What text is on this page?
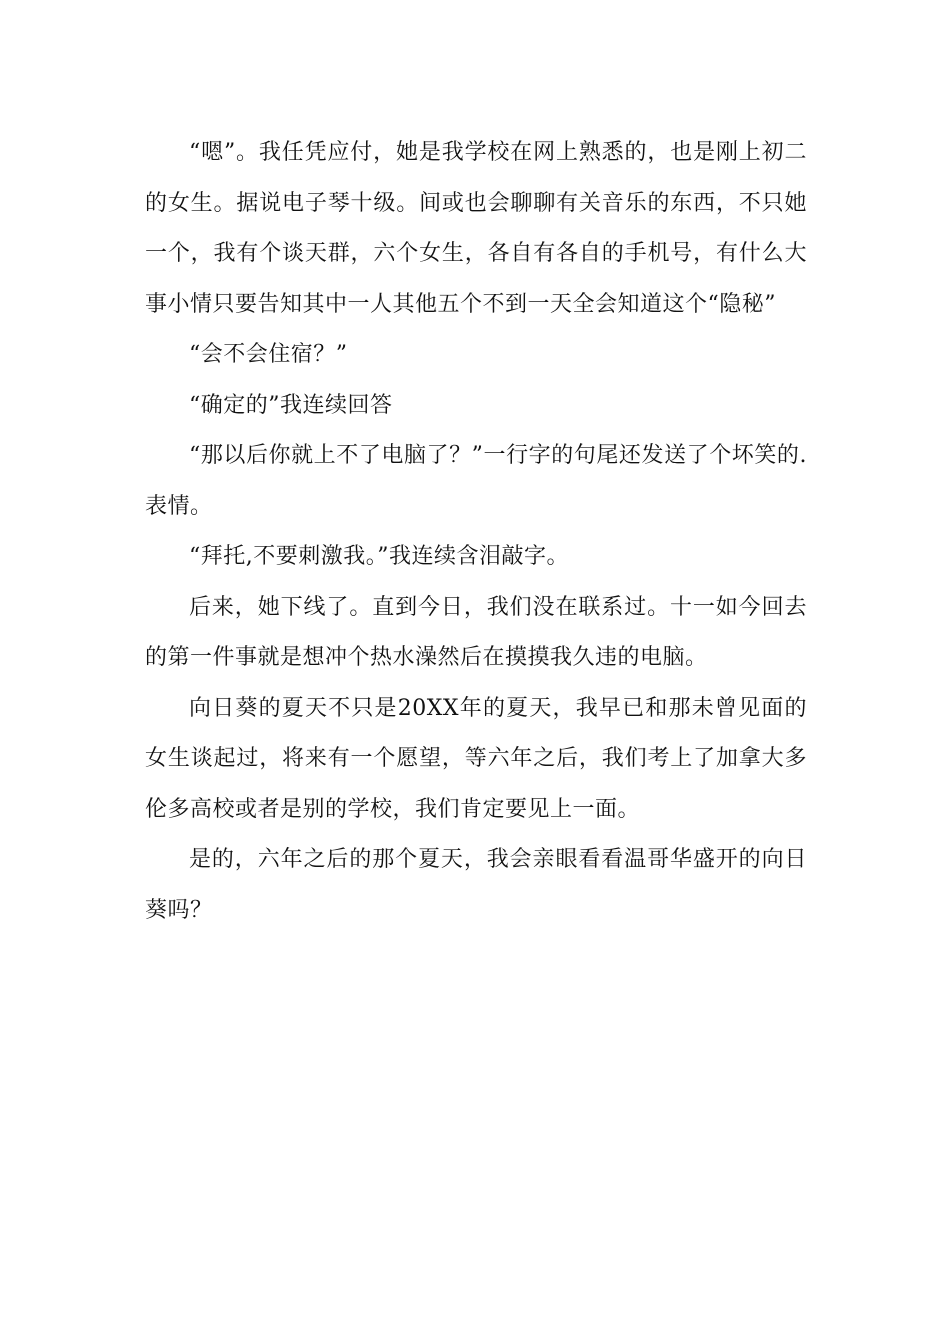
“嗯”。我任凭应付，她是我学校在网上熟悉的，也是刚上初二的女生。据说电子琴十级。间或也会聊聊有关音乐的东西，不只她一个，我有个谈天群，六个女生，各自有各自的手机号，有什么大事小情只要告知其中一人其他五个不到一天全会知道这个“隐秘”

“会不会住宿？”

“确定的”我连续回答

“那以后你就上不了电脑了？”一行字的句尾还发送了个坏笑的.表情。

“拜托,不要刺激我。”我连续含泪敲字。

后来，她下线了。直到今日，我们没在联系过。十一如今回去的第一件事就是想冲个热水澡然后在摸摸我久违的电脑。

向日葵的夏天不只是20XX年的夏天，我早已和那未曾见面的女生谈起过，将来有一个愿望，等六年之后，我们考上了加拿大多伦多高校或者是别的学校，我们肯定要见上一面。

是的，六年之后的那个夏天，我会亲眼看看温哥华盛开的向日葵吗？
